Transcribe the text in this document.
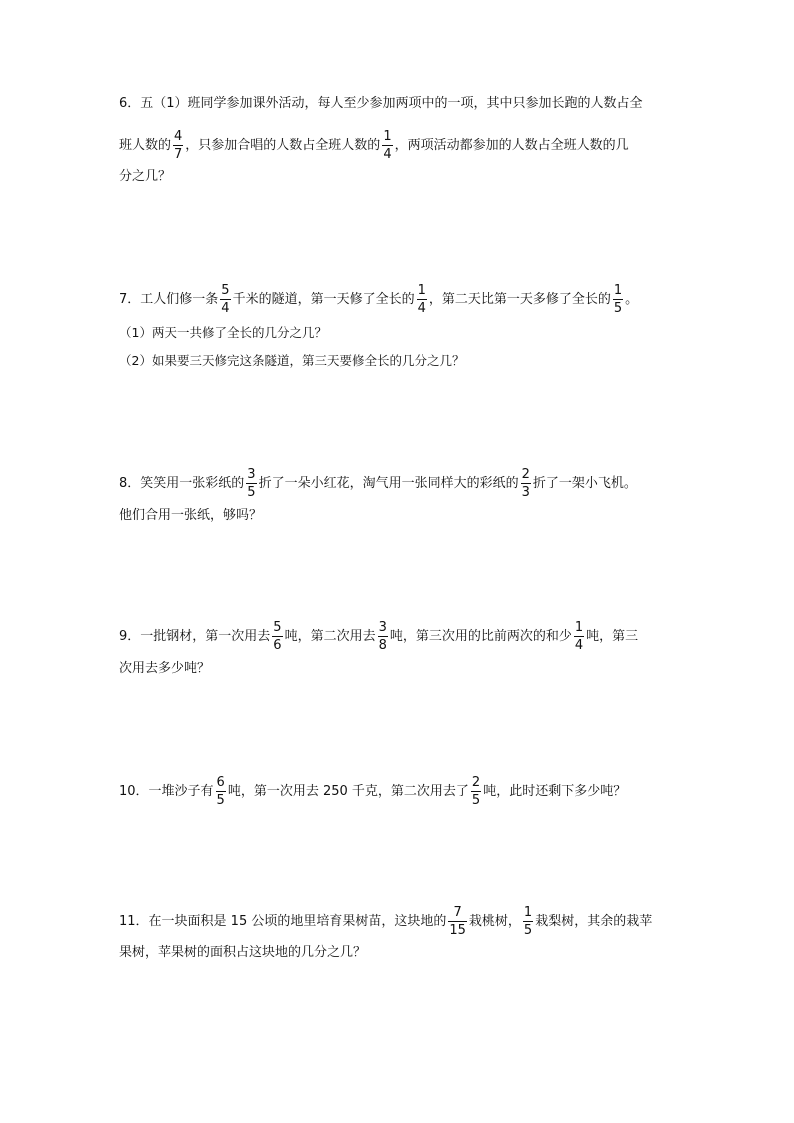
6．五（1）班同学参加课外活动，每人至少参加两项中的一项，其中只参加长跑的人数占全
班人数的 $\frac{4}{7}$ ，只参加合唱的人数占全班人数的 $\frac{1}{4}$ ，两项活动都参加的人数占全班人数的几
分之几？
7．工人们修一条 $\frac{5}{4}$ 千米的隧道，第一天修了全长的 $\frac{1}{4}$ ，第二天比第一天多修了全长的 $\frac{1}{5}$ 。
（1）两天一共修了全长的几分之几？
（2）如果要三天修完这条隧道，第三天要修全长的几分之几？
8．笑笑用一张彩纸的 $\frac{3}{5}$ 折了一朵小红花，淘气用一张同样大的彩纸的 $\frac{2}{3}$ 折了一架小飞机。
他们合用一张纸，够吗？
9．一批钢材，第一次用去 $\frac{5}{6}$ 吨，第二次用去 $\frac{3}{8}$ 吨，第三次用的比前两次的和少 $\frac{1}{4}$ 吨，第三
次用去多少吨？
10．一堆沙子有 $\frac{6}{5}$ 吨，第一次用去 250 千克，第二次用去了 $\frac{2}{5}$ 吨，此时还剩下多少吨？
11．在一块面积是 15 公顷的地里培育果树苗，这块地的 $\frac{7}{15}$ 栽桃树， $\frac{1}{5}$ 栽梨树，其余的栽苹
果树，苹果树的面积占这块地的几分之几？
